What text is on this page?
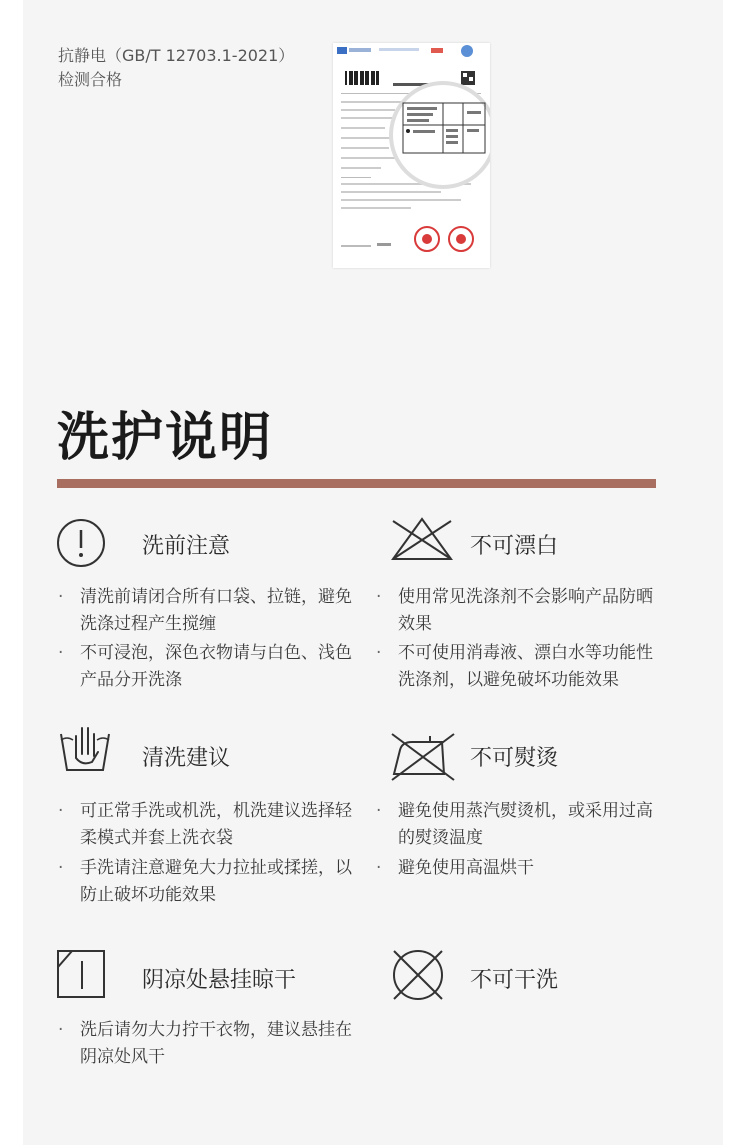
抗静电（GB/T 12703.1-2021）
检测合格
洗护说明
洗前注意
· 清洗前请闭合所有口袋、拉链，避免洗涤过程产生搅缠
· 不可浸泡，深色衣物请与白色、浅色产品分开洗涤
不可漂白
· 使用常见洗涤剂不会影响产品防晒效果
· 不可使用消毒液、漂白水等功能性洗涤剂，以避免破坏功能效果
清洗建议
· 可正常手洗或机洗，机洗建议选择轻柔模式并套上洗衣袋
· 手洗请注意避免大力拉扯或揉搓，以防止破坏功能效果
不可熨烫
· 避免使用蒸汽熨烫机，或采用过高的熨烫温度
· 避免使用高温烘干
阴凉处悬挂晾干
· 洗后请勿大力拧干衣物，建议悬挂在阴凉处风干
不可干洗
